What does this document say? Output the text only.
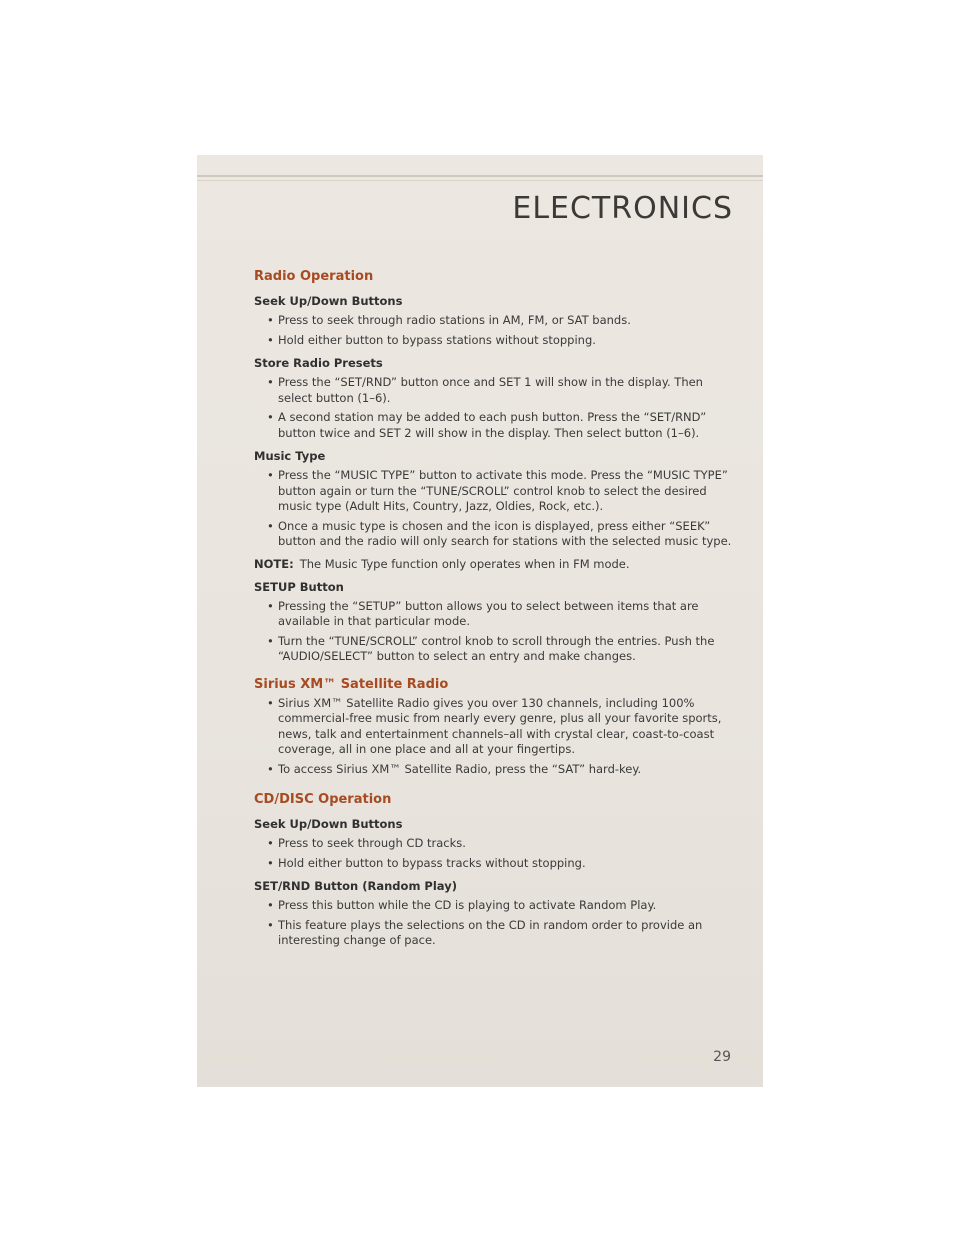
ELECTRONICS
Radio Operation

Seek Up/Down Buttons

• Press to seek through radio stations in AM, FM, or SAT bands.
• Hold either button to bypass stations without stopping.

Store Radio Presets

• Press the “SET/RND” button once and SET 1 will show in the display. Then select button (1–6).
• A second station may be added to each push button. Press the “SET/RND” button twice and SET 2 will show in the display. Then select button (1–6).

Music Type

• Press the “MUSIC TYPE” button to activate this mode. Press the “MUSIC TYPE” button again or turn the “TUNE/SCROLL” control knob to select the desired music type (Adult Hits, Country, Jazz, Oldies, Rock, etc.).
• Once a music type is chosen and the icon is displayed, press either “SEEK” button and the radio will only search for stations with the selected music type.

NOTE: The Music Type function only operates when in FM mode.

SETUP Button

• Pressing the “SETUP” button allows you to select between items that are available in that particular mode.
• Turn the “TUNE/SCROLL” control knob to scroll through the entries. Push the “AUDIO/SELECT” button to select an entry and make changes.
Sirius XM™ Satellite Radio
• Sirius XM™ Satellite Radio gives you over 130 channels, including 100% commercial-free music from nearly every genre, plus all your favorite sports, news, talk and entertainment channels–all with crystal clear, coast-to-coast coverage, all in one place and all at your fingertips.
• To access Sirius XM™ Satellite Radio, press the “SAT” hard-key.
CD/DISC Operation

Seek Up/Down Buttons

• Press to seek through CD tracks.
• Hold either button to bypass tracks without stopping.

SET/RND Button (Random Play)

• Press this button while the CD is playing to activate Random Play.
• This feature plays the selections on the CD in random order to provide an interesting change of pace.
29
